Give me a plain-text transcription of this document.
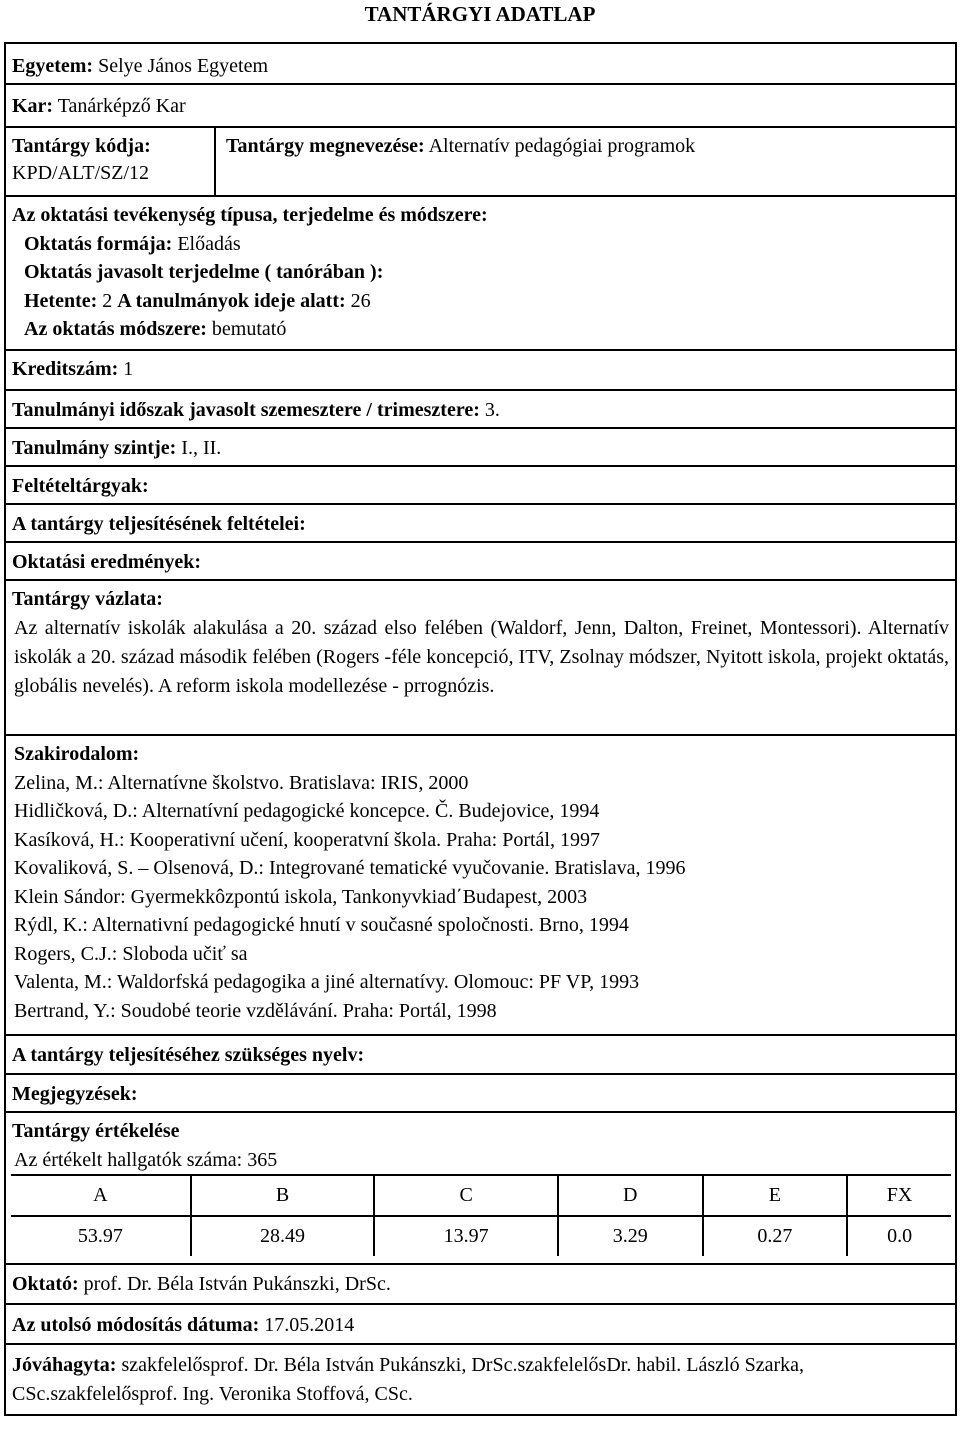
TANTÁRGYI ADATLAP
Egyetem: Selye János Egyetem
Kar: Tanárképző Kar
Tantárgy kódja:
KPD/ALT/SZ/12
Tantárgy megnevezése: Alternatív pedagógiai programok
Az oktatási tevékenység típusa, terjedelme és módszere:
Oktatás formája: Előadás
Oktatás javasolt terjedelme ( tanórában ):
Hetente: 2 A tanulmányok ideje alatt: 26
Az oktatás módszere: bemutató
Kreditszám: 1
Tanulmányi időszak javasolt szemesztere / trimesztere: 3.
Tanulmány szintje: I., II.
Feltételtárgyak:
A tantárgy teljesítésének feltételei:
Oktatási eredmények:
Tantárgy vázlata:

Az alternatív iskolák alakulása a 20. század elso felében (Waldorf, Jenn, Dalton, Freinet, Montessori). Alternatív iskolák a 20. század második felében (Rogers -féle koncepció, ITV, Zsolnay módszer, Nyitott iskola, projekt oktatás, globális nevelés). A reform iskola modellezése - prrognózis.

Szakirodalom:
Zelina, M.: Alternatívne školstvo. Bratislava: IRIS, 2000
Hidličková, D.: Alternatívní pedagogické koncepce. Č. Budejovice, 1994
Kasíková, H.: Kooperativní učení, kooperatvní škola. Praha: Portál, 1997
Kovaliková, S. – Olsenová, D.: Integrované tematické vyučovanie. Bratislava, 1996
Klein Sándor: Gyermekkôzpontú iskola, Tankonyvkiad΄Budapest, 2003
Rýdl, K.: Alternativní pedagogické hnutí v současné spoločnosti. Brno, 1994
Rogers, C.J.: Sloboda učiť sa
Valenta, M.: Waldorfská pedagogika a jiné alternatívy. Olomouc: PF VP, 1993
Bertrand, Y.: Soudobé teorie vzdělávání. Praha: Portál, 1998
A tantárgy teljesítéséhez szükséges nyelv:
Megjegyzések:
Tantárgy értékelése
Az értékelt hallgatók száma: 365
A	B	C	D	E	FX
53.97	28.49	13.97	3.29	0.27	0.0
Oktató: prof. Dr. Béla István Pukánszki, DrSc.
Az utolsó módosítás dátuma: 17.05.2014
Jóváhagyta: szakfelelősprof. Dr. Béla István Pukánszki, DrSc.szakfelelősDr. habil. László Szarka,
CSc.szakfelelősprof. Ing. Veronika Stoffová, CSc.
